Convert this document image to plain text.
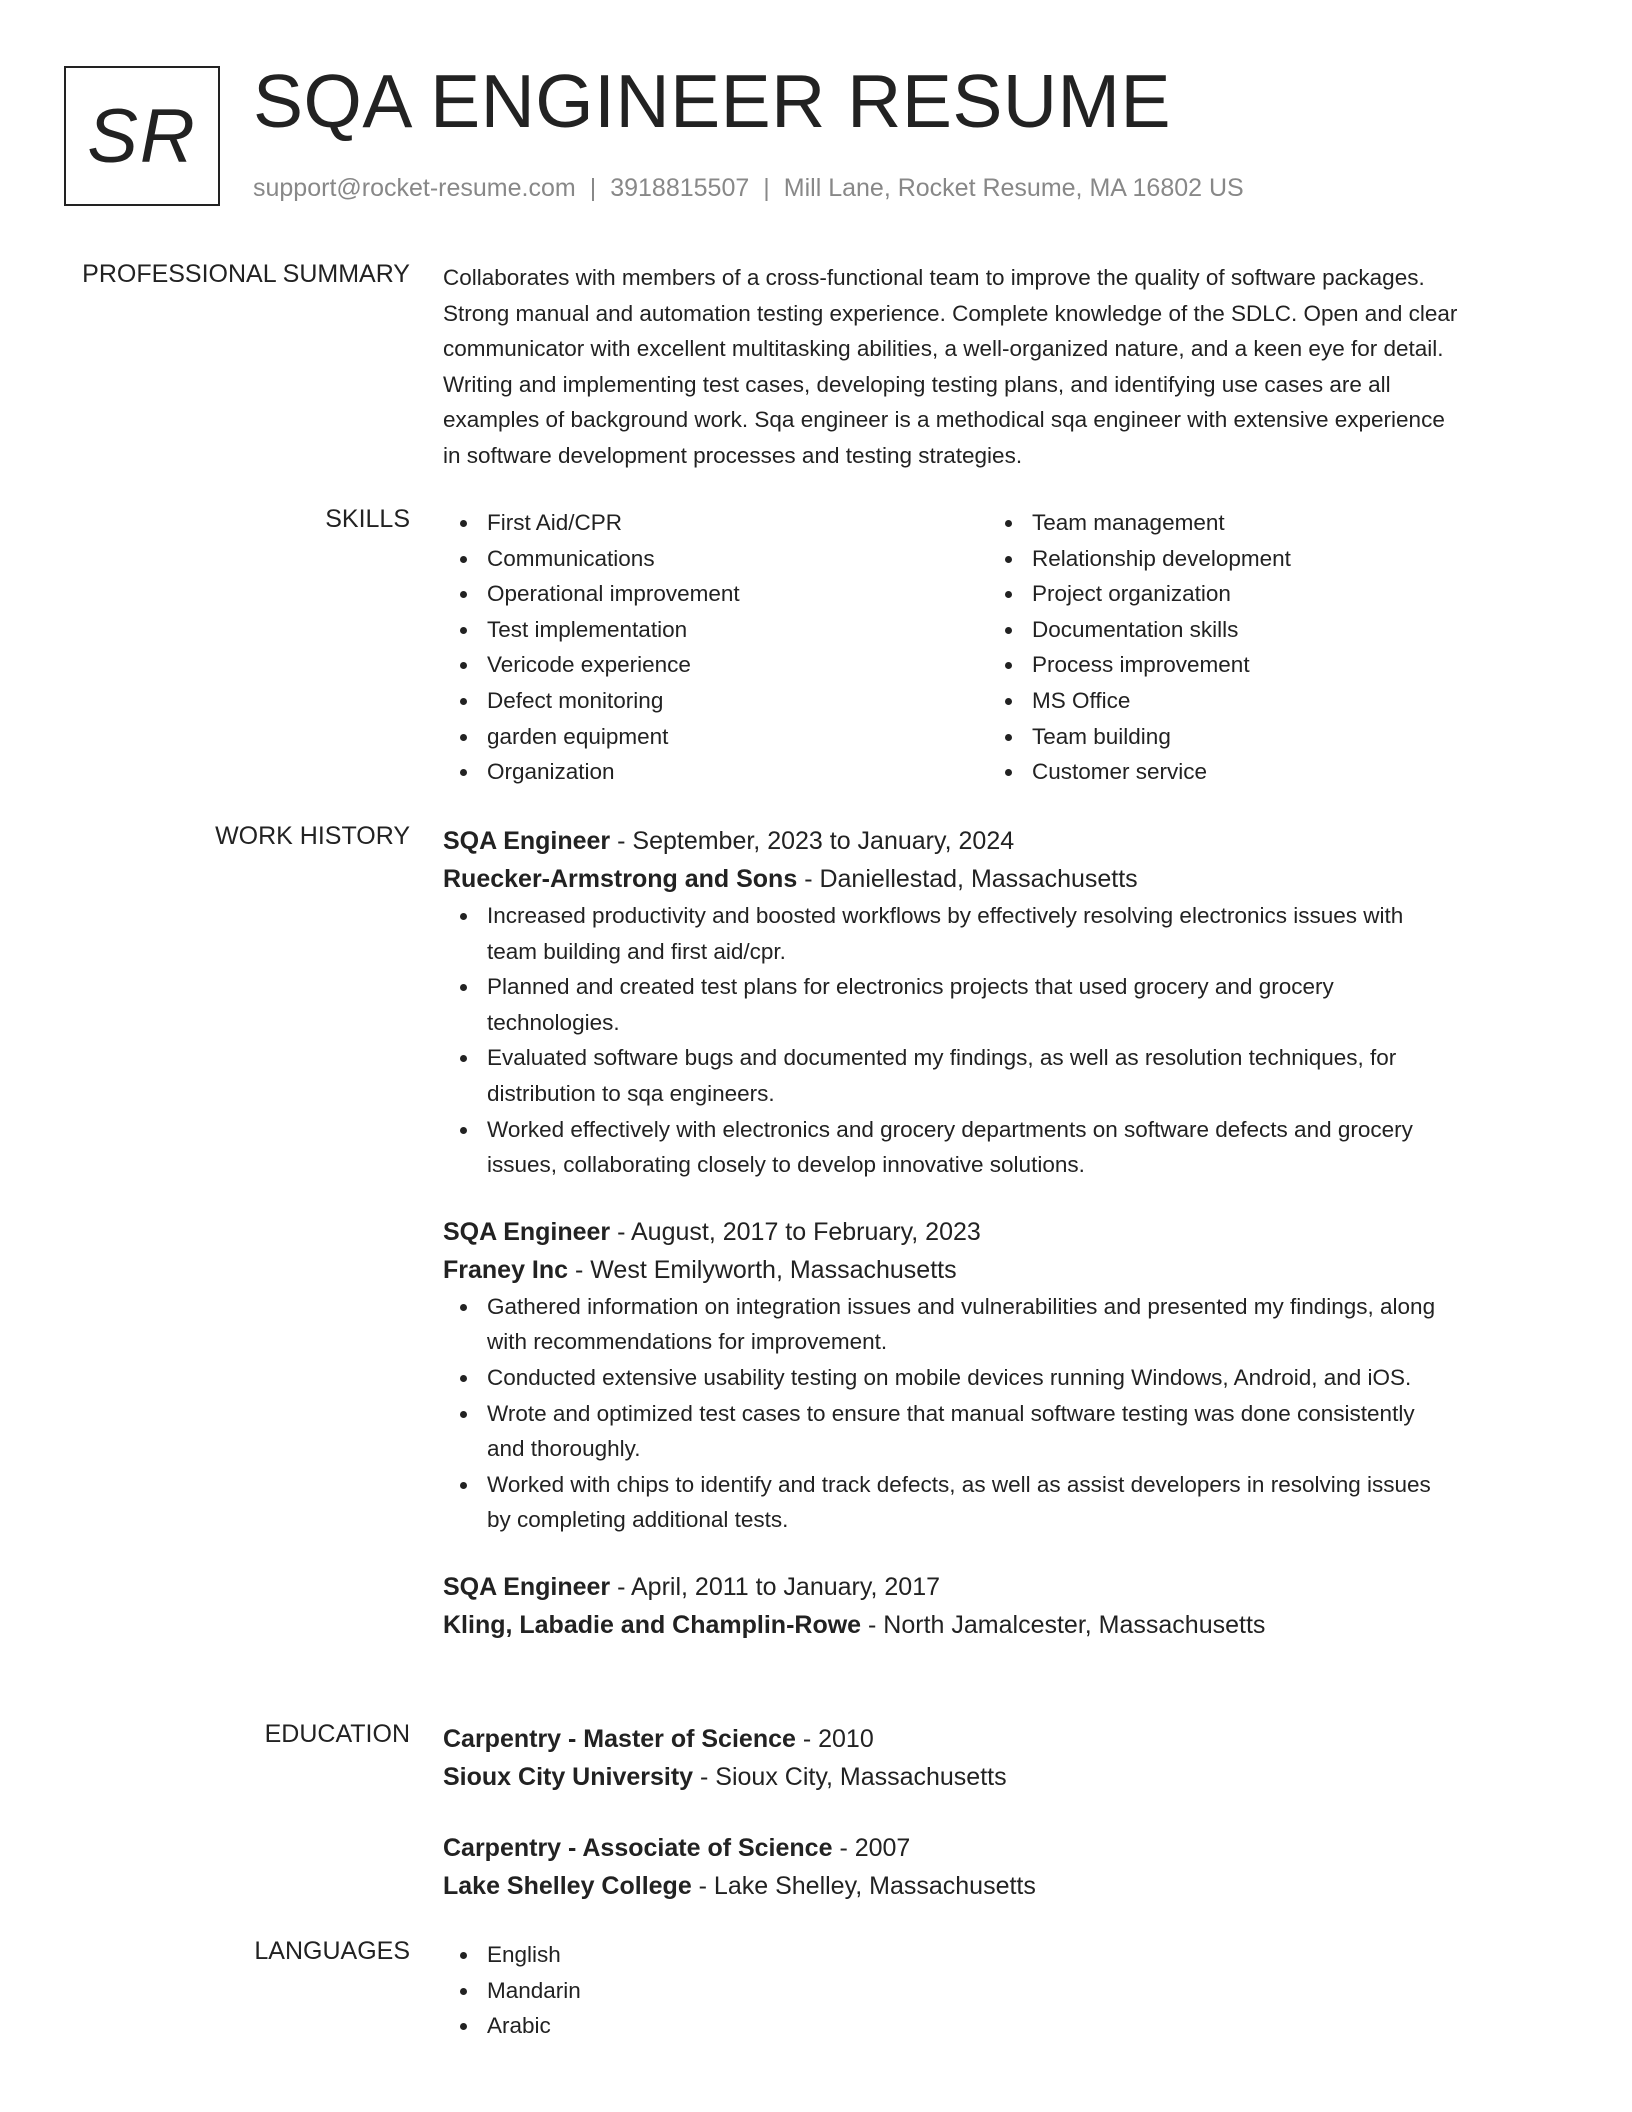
SR SQA ENGINEER RESUME
support@rocket-resume.com | 3918815507 | Mill Lane, Rocket Resume, MA 16802 US
PROFESSIONAL SUMMARY Collaborates with members of a cross-functional team to improve the quality of software packages.
Strong manual and automation testing experience. Complete knowledge of the SDLC. Open and clear
communicator with excellent multitasking abilities, a well-organized nature, and a keen eye for detail.
Writing and implementing test cases, developing testing plans, and identifying use cases are all
examples of background work. Sqa engineer is a methodical sqa engineer with extensive experience
in software development processes and testing strategies.

SKILLS	First Aid/CPR
Communications
Operational improvement
Test implementation
Vericode experience
Defect monitoring
garden equipment
Organization
Team management
Relationship development
Project organization
Documentation skills
Process improvement
MS Office
Team building
Customer service
WORK HISTORY SQA Engineer - September, 2023 to January, 2024
Ruecker-Armstrong and Sons - Daniellestad, Massachusetts
Increased productivity and boosted workflows by effectively resolving electronics issues with
team building and first aid/cpr.
Planned and created test plans for electronics projects that used grocery and grocery
technologies.
Evaluated software bugs and documented my findings, as well as resolution techniques, for
distribution to sqa engineers.
Worked effectively with electronics and grocery departments on software defects and grocery
issues, collaborating closely to develop innovative solutions.
SQA Engineer - August, 2017 to February, 2023
Franey Inc - West Emilyworth, Massachusetts
Gathered information on integration issues and vulnerabilities and presented my findings, along
with recommendations for improvement.
Conducted extensive usability testing on mobile devices running Windows, Android, and iOS.
Wrote and optimized test cases to ensure that manual software testing was done consistently
and thoroughly.
Worked with chips to identify and track defects, as well as assist developers in resolving issues
by completing additional tests.
SQA Engineer - April, 2011 to January, 2017
Kling, Labadie and Champlin-Rowe - North Jamalcester, Massachusetts
EDUCATION Carpentry - Master of Science - 2010
Sioux City University - Sioux City, Massachusetts
Carpentry - Associate of Science - 2007
Lake Shelley College - Lake Shelley, Massachusetts
LANGUAGES	English
Mandarin
Arabic
